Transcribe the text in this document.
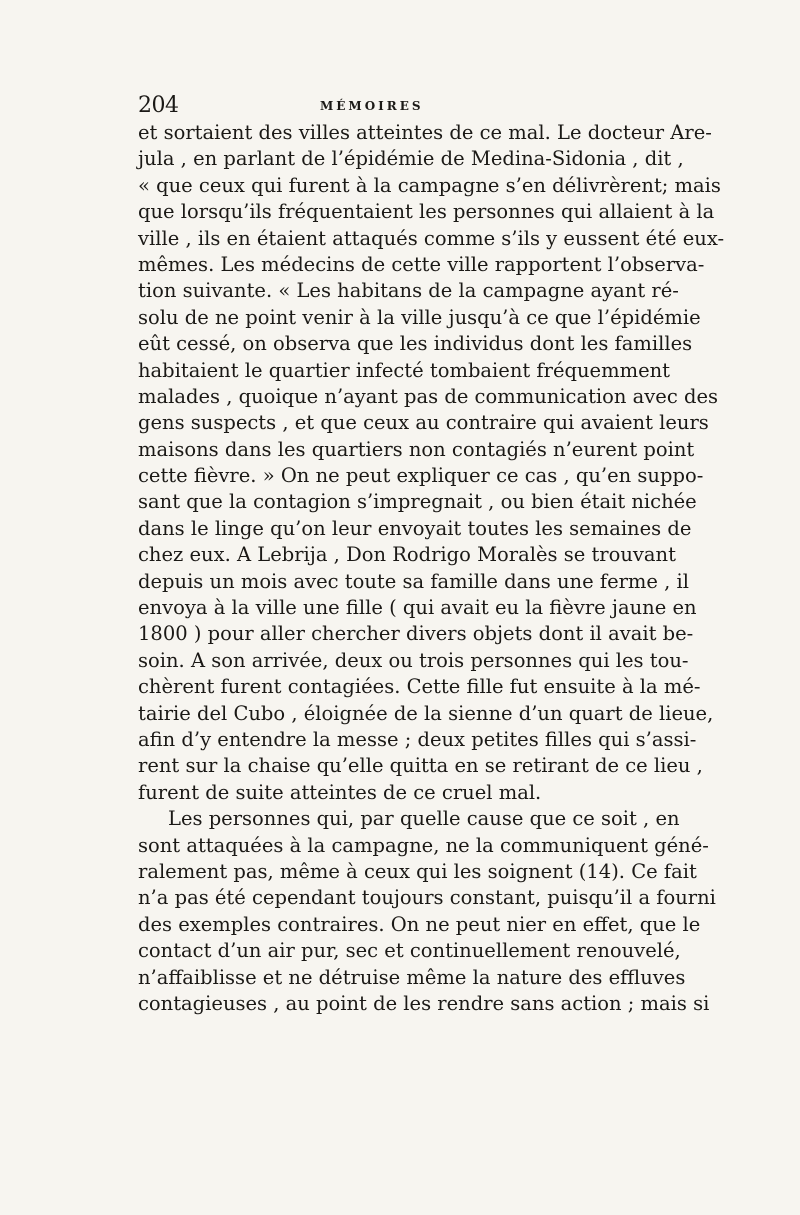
204	MÉMOIRES
et sortaient des villes atteintes de ce mal. Le docteur Are-
jula , en parlant de l’épidémie de Medina-Sidonia , dit ,
« que ceux qui furent à la campagne s’en délivrèrent; mais
que lorsqu’ils fréquentaient les personnes qui allaient à la
ville , ils en étaient attaqués comme s’ils y eussent été eux-
mêmes. Les médecins de cette ville rapportent l’observa-
tion suivante. « Les habitans de la campagne ayant ré-
solu de ne point venir à la ville jusqu’à ce que l’épidémie
eût cessé, on observa que les individus dont les familles
habitaient le quartier infecté tombaient fréquemment
malades , quoique n’ayant pas de communication avec des
gens suspects , et que ceux au contraire qui avaient leurs
maisons dans les quartiers non contagiés n’eurent point
cette fièvre. » On ne peut expliquer ce cas , qu’en suppo-
sant que la contagion s’impregnait , ou bien était nichée
dans le linge qu’on leur envoyait toutes les semaines de
chez eux. A Lebrija , Don Rodrigo Moralès se trouvant
depuis un mois avec toute sa famille dans une ferme , il
envoya à la ville une fille ( qui avait eu la fièvre jaune en
1800 ) pour aller chercher divers objets dont il avait be-
soin. A son arrivée, deux ou trois personnes qui les tou-
chèrent furent contagiées. Cette fille fut ensuite à la mé-
tairie del Cubo , éloignée de la sienne d’un quart de lieue,
afin d’y entendre la messe ; deux petites filles qui s’assi-
rent sur la chaise qu’elle quitta en se retirant de ce lieu ,
furent de suite atteintes de ce cruel mal.
Les personnes qui, par quelle cause que ce soit , en
sont attaquées à la campagne, ne la communiquent géné-
ralement pas, même à ceux qui les soignent (14). Ce fait
n’a pas été cependant toujours constant, puisqu’il a fourni
des exemples contraires. On ne peut nier en effet, que le
contact d’un air pur, sec et continuellement renouvelé,
n’affaiblisse et ne détruise même la nature des effluves
contagieuses , au point de les rendre sans action ; mais si
